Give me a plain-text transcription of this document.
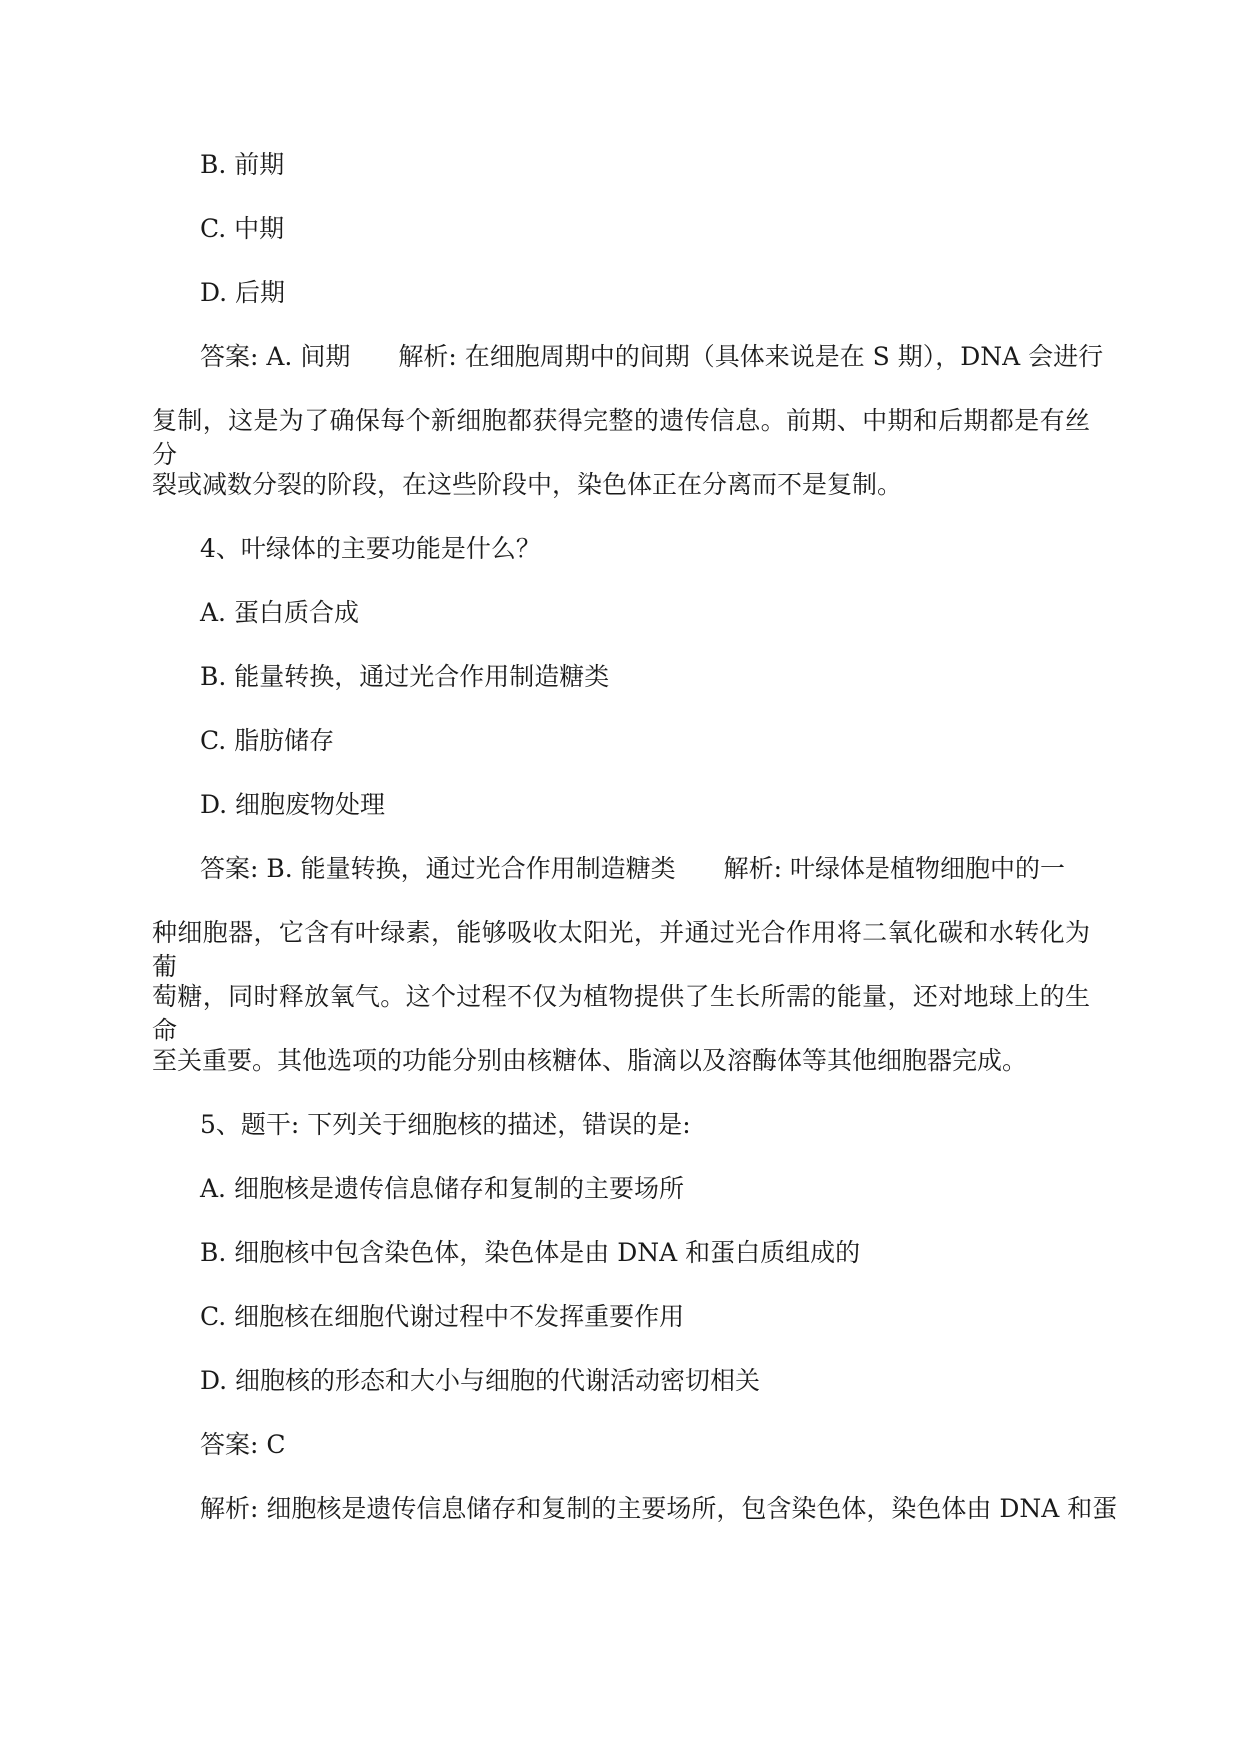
B. 前期
C. 中期
D. 后期
答案: A. 间期 解析: 在细胞周期中的间期（具体来说是在 S 期），DNA 会进行
复制，这是为了确保每个新细胞都获得完整的遗传信息。前期、中期和后期都是有丝分
裂或减数分裂的阶段，在这些阶段中，染色体正在分离而不是复制。
4、叶绿体的主要功能是什么？
A. 蛋白质合成
B. 能量转换，通过光合作用制造糖类
C. 脂肪储存
D. 细胞废物处理
答案: B. 能量转换，通过光合作用制造糖类 解析: 叶绿体是植物细胞中的一
种细胞器，它含有叶绿素，能够吸收太阳光，并通过光合作用将二氧化碳和水转化为葡
萄糖，同时释放氧气。这个过程不仅为植物提供了生长所需的能量，还对地球上的生命
至关重要。其他选项的功能分别由核糖体、脂滴以及溶酶体等其他细胞器完成。
5、题干: 下列关于细胞核的描述，错误的是:
A. 细胞核是遗传信息储存和复制的主要场所
B. 细胞核中包含染色体，染色体是由 DNA 和蛋白质组成的
C. 细胞核在细胞代谢过程中不发挥重要作用
D. 细胞核的形态和大小与细胞的代谢活动密切相关
答案: C
解析: 细胞核是遗传信息储存和复制的主要场所，包含染色体，染色体由 DNA 和蛋
